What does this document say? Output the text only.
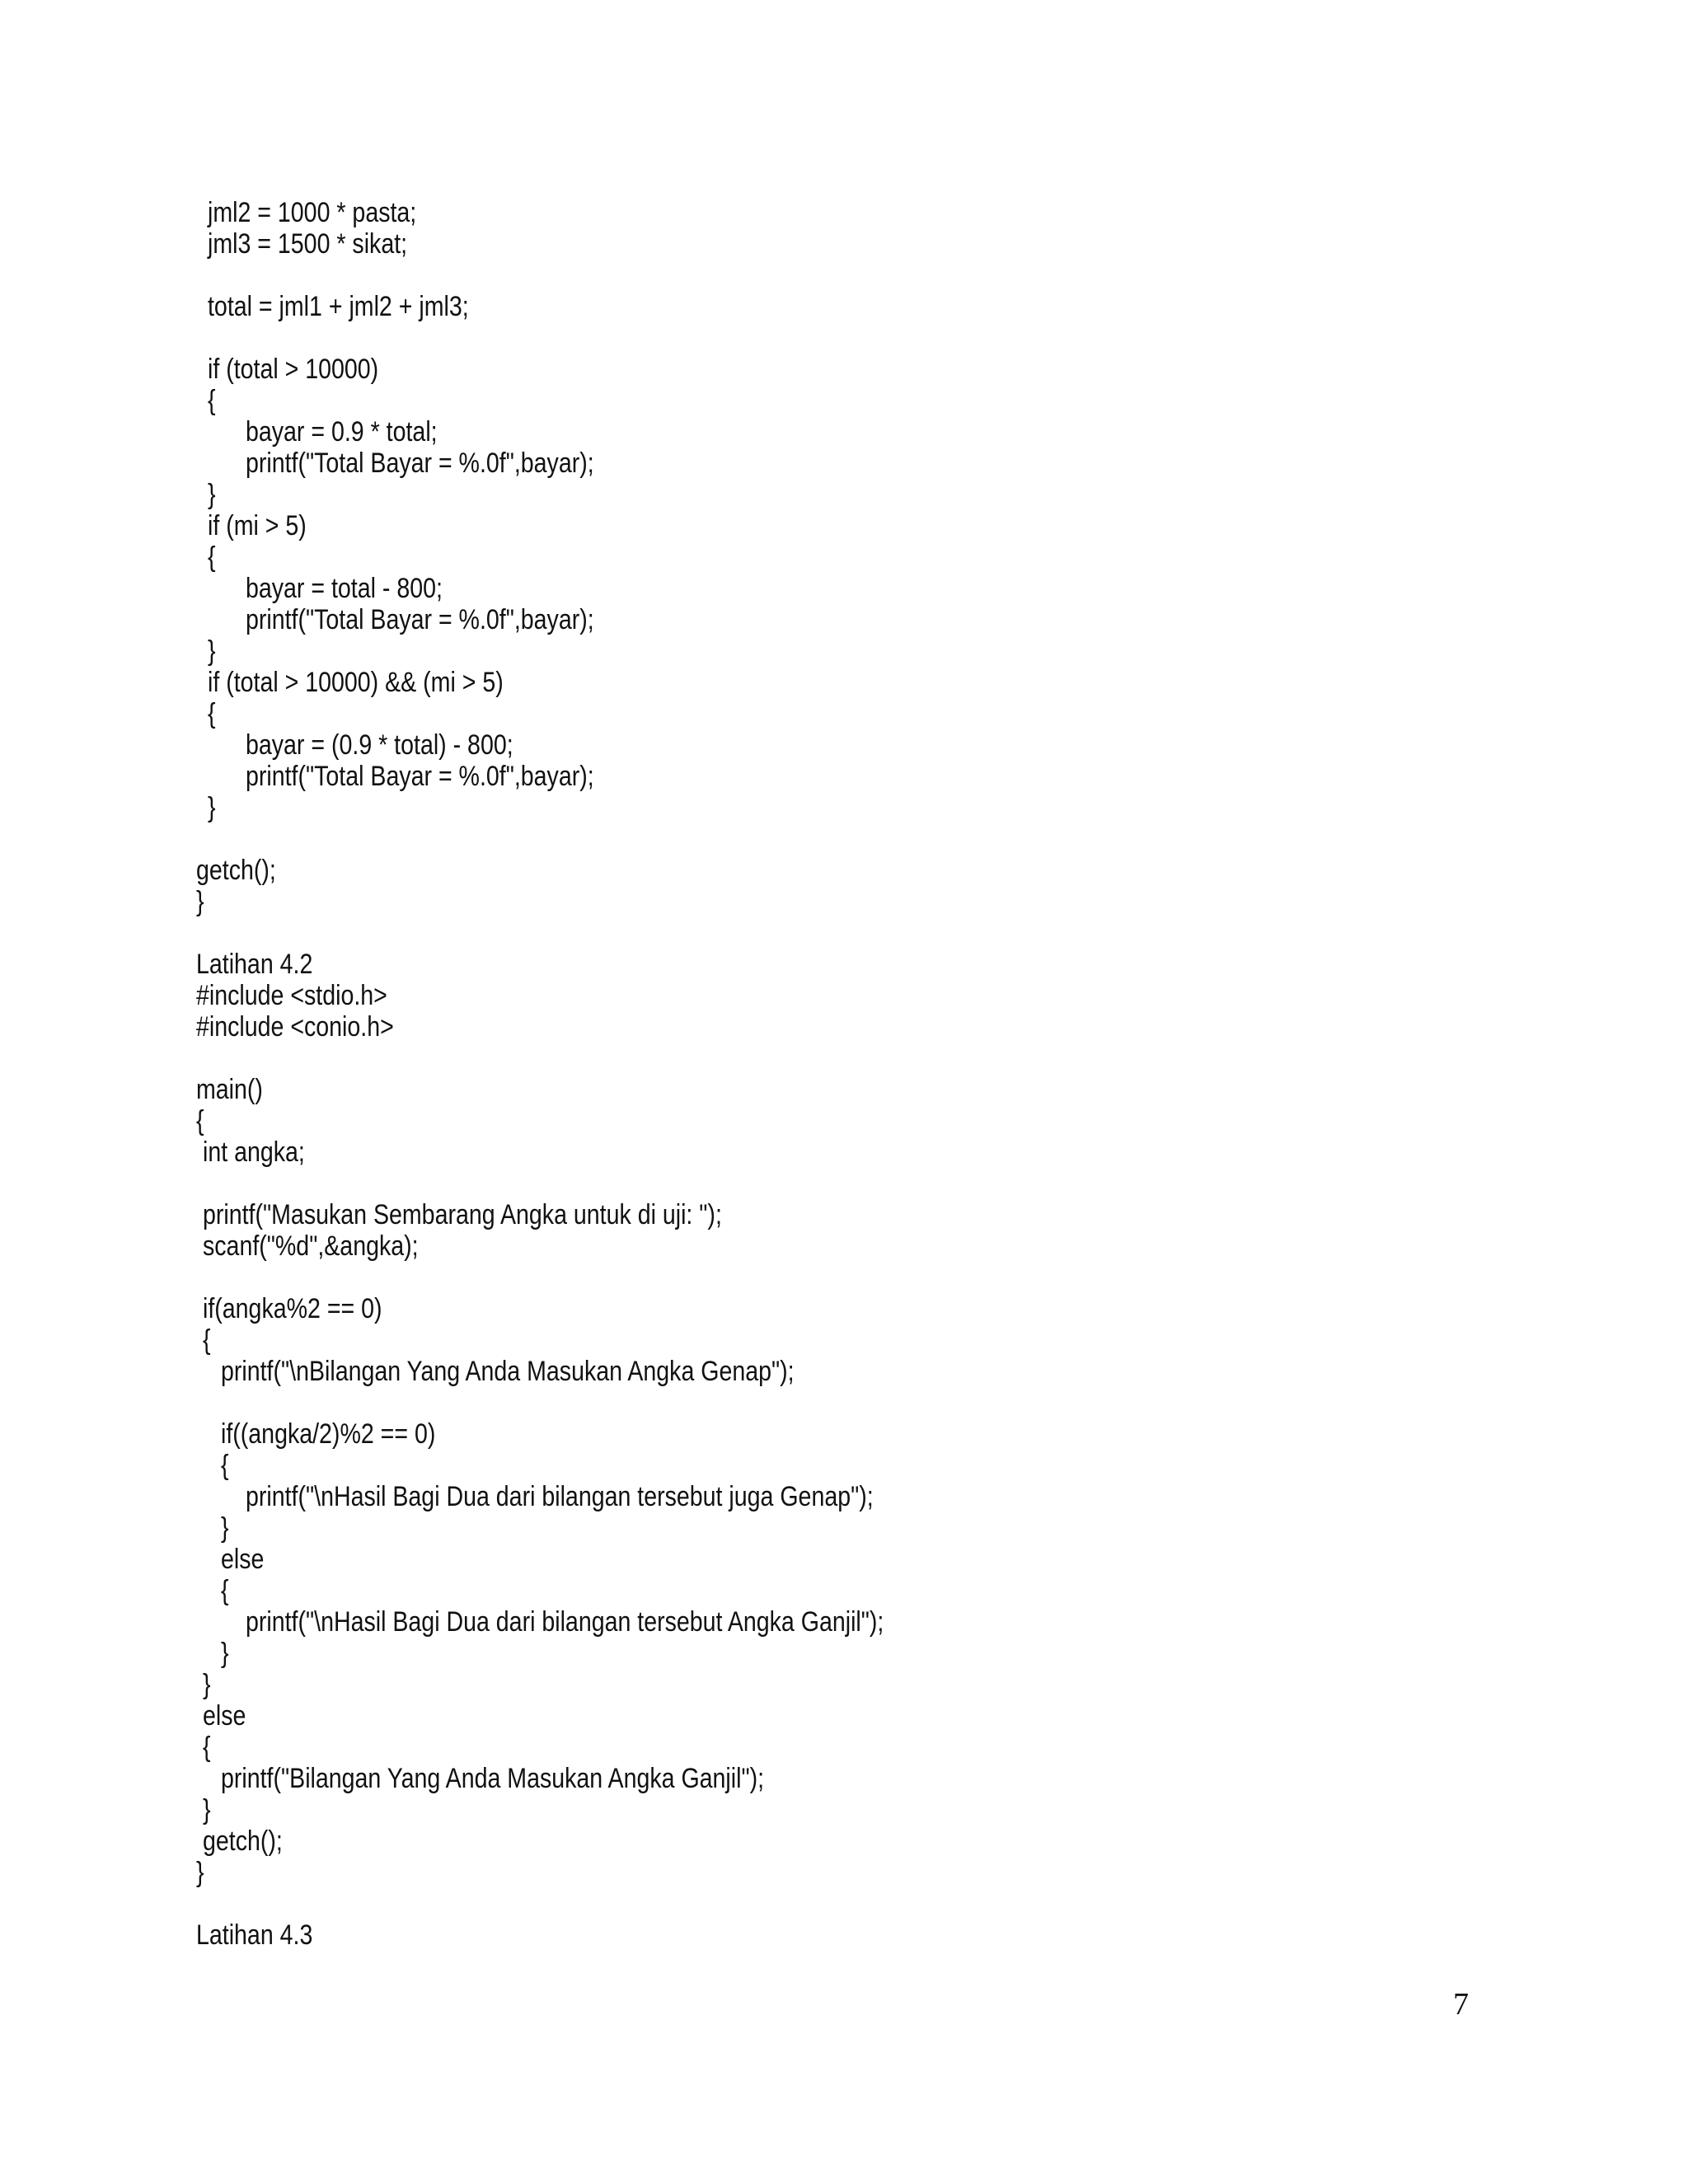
jml2 = 1000 * pasta;
jml3 = 1500 * sikat;
total = jml1 + jml2 + jml3;
if (total > 10000)
{
bayar = 0.9 * total;
printf("Total Bayar = %.0f",bayar);
}
if (mi > 5)
{
bayar = total - 800;
printf("Total Bayar = %.0f",bayar);
}
if (total > 10000) && (mi > 5)
{
bayar = (0.9 * total) - 800;
printf("Total Bayar = %.0f",bayar);
}
getch();
}
Latihan 4.2
#include <stdio.h>
#include <conio.h>
main()
{
int angka;
printf("Masukan Sembarang Angka untuk di uji: ");
scanf("%d",&angka);
if(angka%2 == 0)
{
printf("\nBilangan Yang Anda Masukan Angka Genap");
if((angka/2)%2 == 0)
{
printf("\nHasil Bagi Dua dari bilangan tersebut juga Genap");
}
else
{
printf("\nHasil Bagi Dua dari bilangan tersebut Angka Ganjil");
}
}
else
{
printf("Bilangan Yang Anda Masukan Angka Ganjil");
}
getch();
}
Latihan 4.3
7
